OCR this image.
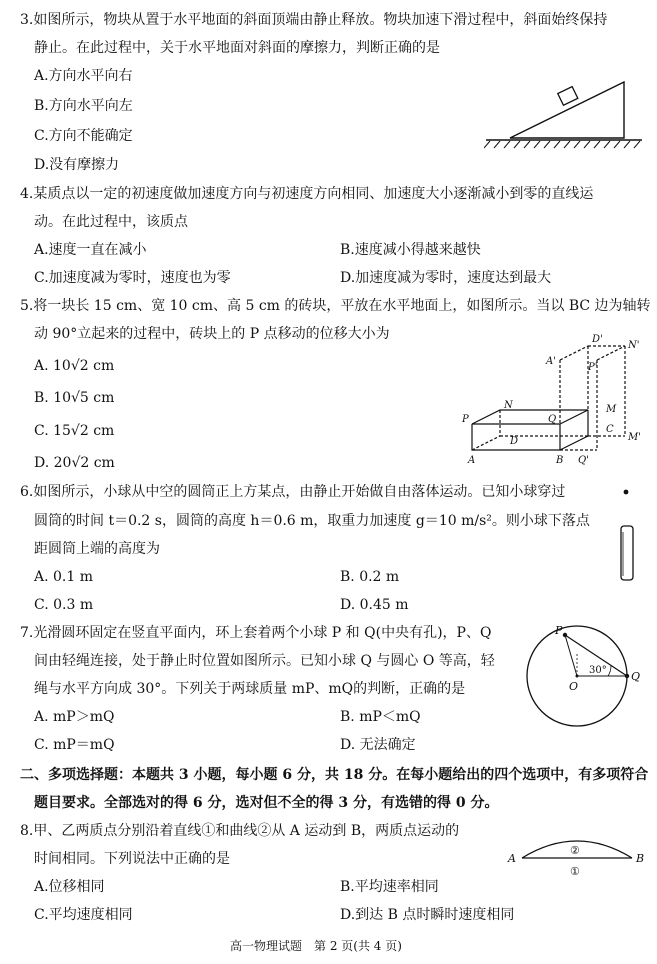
3.如图所示，物块从置于水平地面的斜面顶端由静止释放。物块加速下滑过程中，斜面始终保持
静止。在此过程中，关于水平地面对斜面的摩擦力，判断正确的是
A.方向水平向右
B.方向水平向左
C.方向不能确定
D.没有摩擦力
4.某质点以一定的初速度做加速度方向与初速度方向相同、加速度大小逐渐减小到零的直线运
动。在此过程中，该质点
A.速度一直在减小	B.速度减小得越来越快
C.加速度减为零时，速度也为零	D.加速度减为零时，速度达到最大
5.将一块长 15 cm、宽 10 cm、高 5 cm 的砖块，平放在水平地面上，如图所示。当以 BC 边为轴转
动 90°立起来的过程中，砖块上的 P 点移动的位移大小为
A. 10√2 cm
B. 10√5 cm
C. 15√2 cm
D. 20√2 cm
D'
N'
A'
P'
P
N
Q
M
C
D	M'
A	B Q'
6.如图所示，小球从中空的圆筒正上方某点，由静止开始做自由落体运动。已知小球穿过
圆筒的时间 t＝0.2 s，圆筒的高度 h＝0.6 m，取重力加速度 g＝10 m/s²。则小球下落点
距圆筒上端的高度为
A. 0.1 m	B. 0.2 m
C. 0.3 m	D. 0.45 m
7.光滑圆环固定在竖直平面内，环上套着两个小球 P 和 Q(中央有孔)，P、Q
间由轻绳连接，处于静止时位置如图所示。已知小球 Q 与圆心 O 等高，轻
绳与水平方向成 30°。下列关于两球质量 mP、mQ的判断，正确的是
A. mP＞mQ	B. mP＜mQ
C. mP＝mQ	D. 无法确定
P
Q
O
30°
二、多项选择题：本题共 3 小题，每小题 6 分，共 18 分。在每小题给出的四个选项中，有多项符合
题目要求。全部选对的得 6 分，选对但不全的得 3 分，有选错的得 0 分。
8.甲、乙两质点分别沿着直线①和曲线②从 A 运动到 B，两质点运动的
时间相同。下列说法中正确的是
A.位移相同	B.平均速率相同
C.平均速度相同	D.到达 B 点时瞬时速度相同
A	B
②
①
高一物理试题　第 2 页(共 4 页)
